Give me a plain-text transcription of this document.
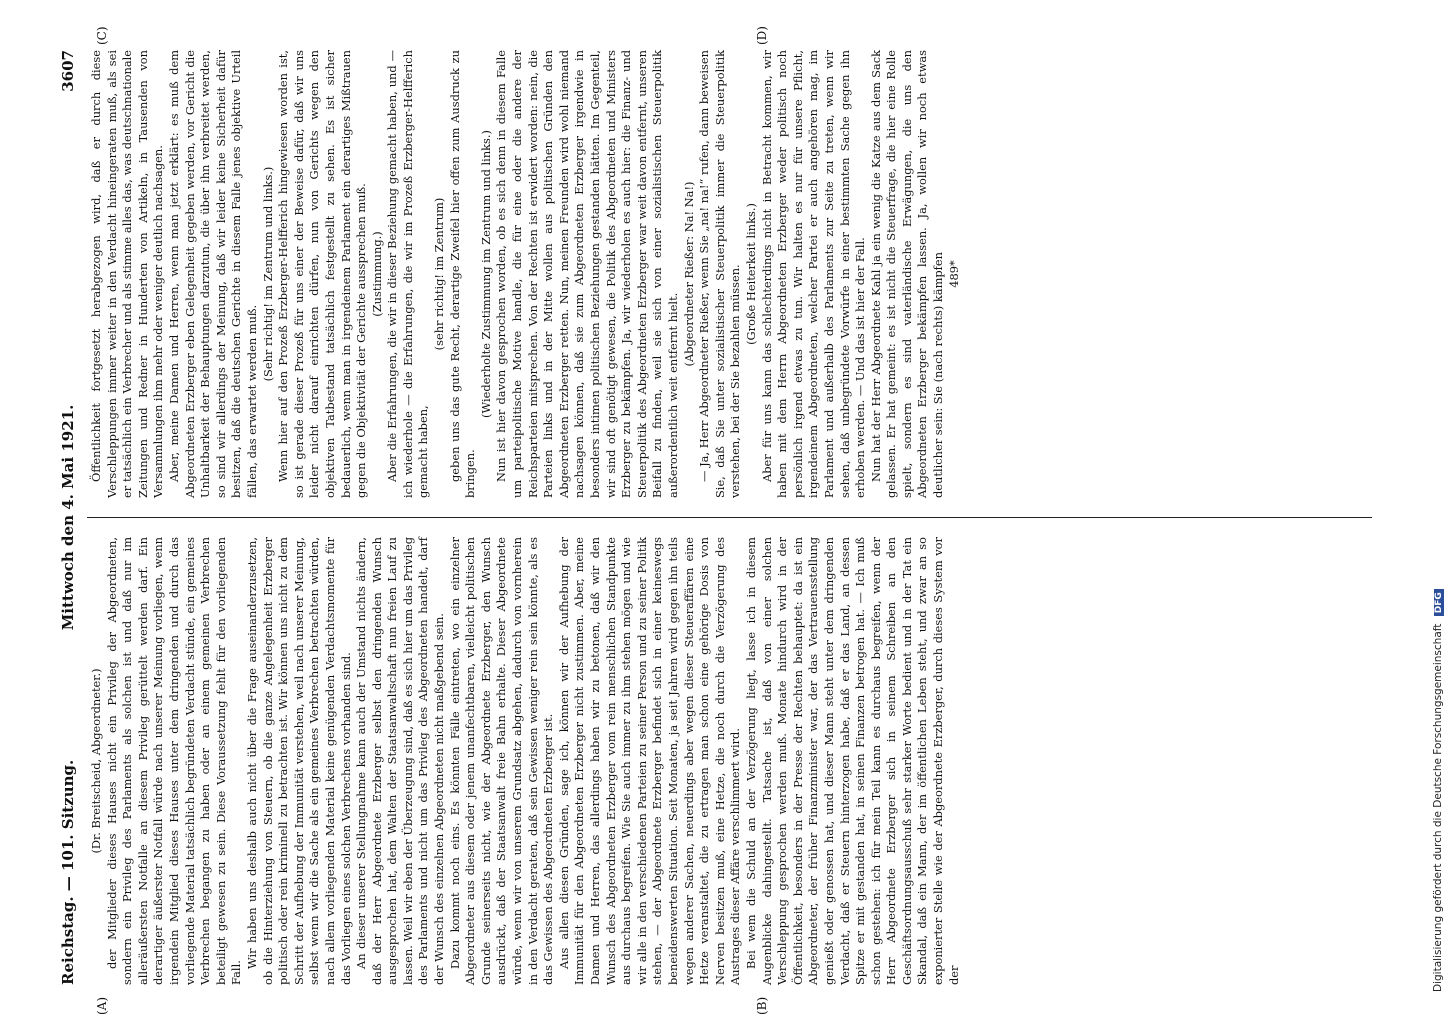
Reichstag. — 101. Sitzung.
Mittwoch den 4. Mai 1921.
3607

(Dr. Breitscheid, Abgeordneter.) der Mitglieder dieses Hauses nicht ein Privileg der Abgeordneten, sondern ein Privileg des Parlaments als solchen ist und daß nur im alleräußersten Notfalle an diesem Privileg gerüttelt werden darf. Ein derartiger äußerster Notfall würde nach unserer Meinung vorliegen, wenn irgendein Mitglied dieses Hauses unter dem dringenden und durch das vorliegende Material tatsächlich begründeten Verdacht stünde, ein gemeines Verbrechen begangen zu haben oder an einem gemeinen Verbrechen beteiligt gewesen zu sein. Diese Voraussetzung fehlt für den vorliegenden Fall.

Wir haben uns deshalb auch nicht über die Frage auseinanderzusetzen, ob die Hinterziehung von Steuern, ob die ganze Angelegenheit Erzberger politisch oder rein kriminell zu betrachten ist. Wir können uns nicht zu dem Schritt der Aufhebung der Immunität verstehen, weil nach unserer Meinung, selbst wenn wir die Sache als ein gemeines Verbrechen betrachten würden, nach allem vorliegenden Material keine genügenden Verdachtsmomente für das Vorliegen eines solchen Verbrechens vorhanden sind. An dieser unserer Stellungnahme kann auch der Umstand nichts ändern, daß der Herr Abgeordnete Erzberger selbst den dringenden Wunsch ausgesprochen hat, dem Walten der Staatsanwaltschaft nun freien Lauf zu lassen. Weil wir eben der Überzeugung sind, daß es sich hier um das Privileg des Parlaments und nicht um das Privileg des Abgeordneten handelt, darf der Wunsch des einzelnen Abgeordneten nicht maßgebend sein. Dazu kommt noch eins. Es könnten Fälle eintreten, wo ein einzelner Abgeordneter aus diesem oder jenem unanfechtbaren, vielleicht politischen Grunde seinerseits nicht, wie der Abgeordnete Erzberger, den Wunsch ausdrückt, daß der Staatsanwalt freie Bahn erhalte. Dieser Abgeordnete würde, wenn wir von unserem Grundsatz abgehen, dadurch von vornherein in den Verdacht geraten, daß sein Gewissen weniger rein sein könnte, als es das Gewissen des Abgeordneten Erzberger ist. Aus allen diesen Gründen, sage ich, können wir der Aufhebung der Immunität für den Abgeordneten Erzberger nicht zustimmen. Aber, meine Damen und Herren, das allerdings haben wir zu betonen, daß wir den Wunsch des Abgeordneten Erzberger vom rein menschlichen Standpunkte aus durchaus begreifen. Wie Sie auch immer zu ihm stehen mögen und wie wir alle in den verschiedenen Parteien zu seiner Person und zu seiner Politik stehen, — der Abgeordnete Erzberger befindet sich in einer keineswegs beneidenswerten Situation. Seit Monaten, ja seit Jahren wird gegen ihn teils wegen anderer Sachen, neuerdings aber wegen dieser Steueraffären eine Hetze veranstaltet, die zu ertragen man schon eine gehörige Dosis von Nerven besitzen muß, eine Hetze, die noch durch die Verzögerung des Austrages dieser Affäre verschlimmert wird. Bei wem die Schuld an der Verzögerung liegt, lasse ich in diesem Augenblicke dahingestellt. Tatsache ist, daß von einer solchen Verschleppung gesprochen werden muß. Monate hindurch wird in der Öffentlichkeit, besonders in der Presse der Rechten behauptet: da ist ein Abgeordneter, der früher Finanzminister war, der das Vertrauensstellung genießt oder genossen hat, und dieser Mann steht unter dem dringenden Verdacht, daß er Steuern hinterzogen habe, daß er das Land, an dessen Spitze er mit gestanden hat, in seinen Finanzen betrogen hat. — Ich muß schon gestehen: ich für mein Teil kann es durchaus begreifen, wenn der Herr Abgeordnete Erzberger sich in seinem Schreiben an den Geschäftsordnungsausschuß sehr starker Worte bedient und in der Tat ein Skandal, daß ein Mann, der im öffentlichen Leben steht, und zwar an so exponierter Stelle wie der Abgeordnete Erzberger, durch dieses System vor der

Öffentlichkeit fortgesetzt herabgezogen wird, daß er durch diese Verschleppungen immer weiter in den Verdacht hineingeraten muß, als sei er tatsächlich ein Verbrecher und als stimme alles das, was deutschnationale Zeitungen und Redner in Hunderten von Artikeln, in Tausenden von Versammlungen ihm mehr oder weniger deutlich nachsagen. Aber, meine Damen und Herren, wenn man jetzt erklärt: es muß dem Abgeordneten Erzberger eben Gelegenheit gegeben werden, vor Gericht die Unhaltbarkeit der Behauptungen darzutun, die über ihn verbreitet werden, so sind wir allerdings der Meinung, daß wir leider keine Sicherheit dafür besitzen, daß die deutschen Gerichte in diesem Falle jenes objektive Urteil fällen, das erwartet werden muß.

(Sehr richtig! im Zentrum und links.) Wenn hier auf den Prozeß Erzberger-Helfferich hingewiesen worden ist, so ist gerade dieser Prozeß für uns einer der Beweise dafür, daß wir uns leider nicht darauf einrichten dürfen, nun von Gerichts wegen den objektiven Tatbestand tatsächlich festgestellt zu sehen. Es ist sicher bedauerlich, wenn man in irgendeinem Parlament ein derartiges Mißtrauen gegen die Objektivität der Gerichte aussprechen muß. (Zustimmung.) Aber die Erfahrungen, die wir in dieser Beziehung gemacht haben, und — ich wiederhole — die Erfahrungen, die wir im Prozeß Erzberger-Helfferich gemacht haben,

(sehr richtig! im Zentrum) geben uns das gute Recht, derartige Zweifel hier offen zum Ausdruck zu bringen.

(Wiederholte Zustimmung im Zentrum und links.) Nun ist hier davon gesprochen worden, ob es sich denn in diesem Falle um parteipolitische Motive handle, die für eine oder die andere der Reichsparteien mitsprechen. Von der Rechten ist erwidert worden: nein, die Parteien links und in der Mitte wollen aus politischen Gründen den Abgeordneten Erzberger retten. Nun, meinen Freunden wird wohl niemand nachsagen können, daß sie zum Abgeordneten Erzberger irgendwie in besonders intimen politischen Beziehungen gestanden hätten. Im Gegenteil, wir sind oft genötigt gewesen, die Politik des Abgeordneten und Ministers Erzberger zu bekämpfen. Ja, wir wiederholen es auch hier: die Finanz- und Steuerpolitik des Abgeordneten Erzberger war weit davon entfernt, unseren Beifall zu finden, weil sie sich von einer sozialistischen Steuerpolitik außerordentlich weit entfernt hielt.

(Abgeordneter Rießer: Na! Na!) — Ja, Herr Abgeordneter Rießer, wenn Sie „na! na!“ rufen, dann beweisen Sie, daß Sie unter sozialistischer Steuerpolitik immer die Steuerpolitik verstehen, bei der Sie bezahlen müssen. (Große Heiterkeit links.) Aber für uns kann das schlechterdings nicht in Betracht kommen, wir haben mit dem Herrn Abgeordneten Erzberger weder politisch noch persönlich irgend etwas zu tun. Wir halten es nur für unsere Pflicht, irgendeinem Abgeordneten, welcher Partei er auch angehören mag, im Parlament und außerhalb des Parlaments zur Seite zu treten, wenn wir sehen, daß unbegründete Vorwürfe in einer bestimmten Sache gegen ihn erhoben werden. — Und das ist hier der Fall. Nun hat der Herr Abgeordnete Kahl ja ein wenig die Katze aus dem Sack gelassen. Er hat gemeint: es ist nicht die Steuerfrage, die hier eine Rolle spielt, sondern es sind vaterländische Erwägungen, die uns den Abgeordneten Erzberger bekämpfen lassen. Ja, wollen wir noch etwas deutlicher sein: Sie (nach rechts) kämpfen 489*

(A)	(B)
(C)	(D)
Digitalisierung gefördert durch die Deutsche Forschungsgemeinschaft DFG
